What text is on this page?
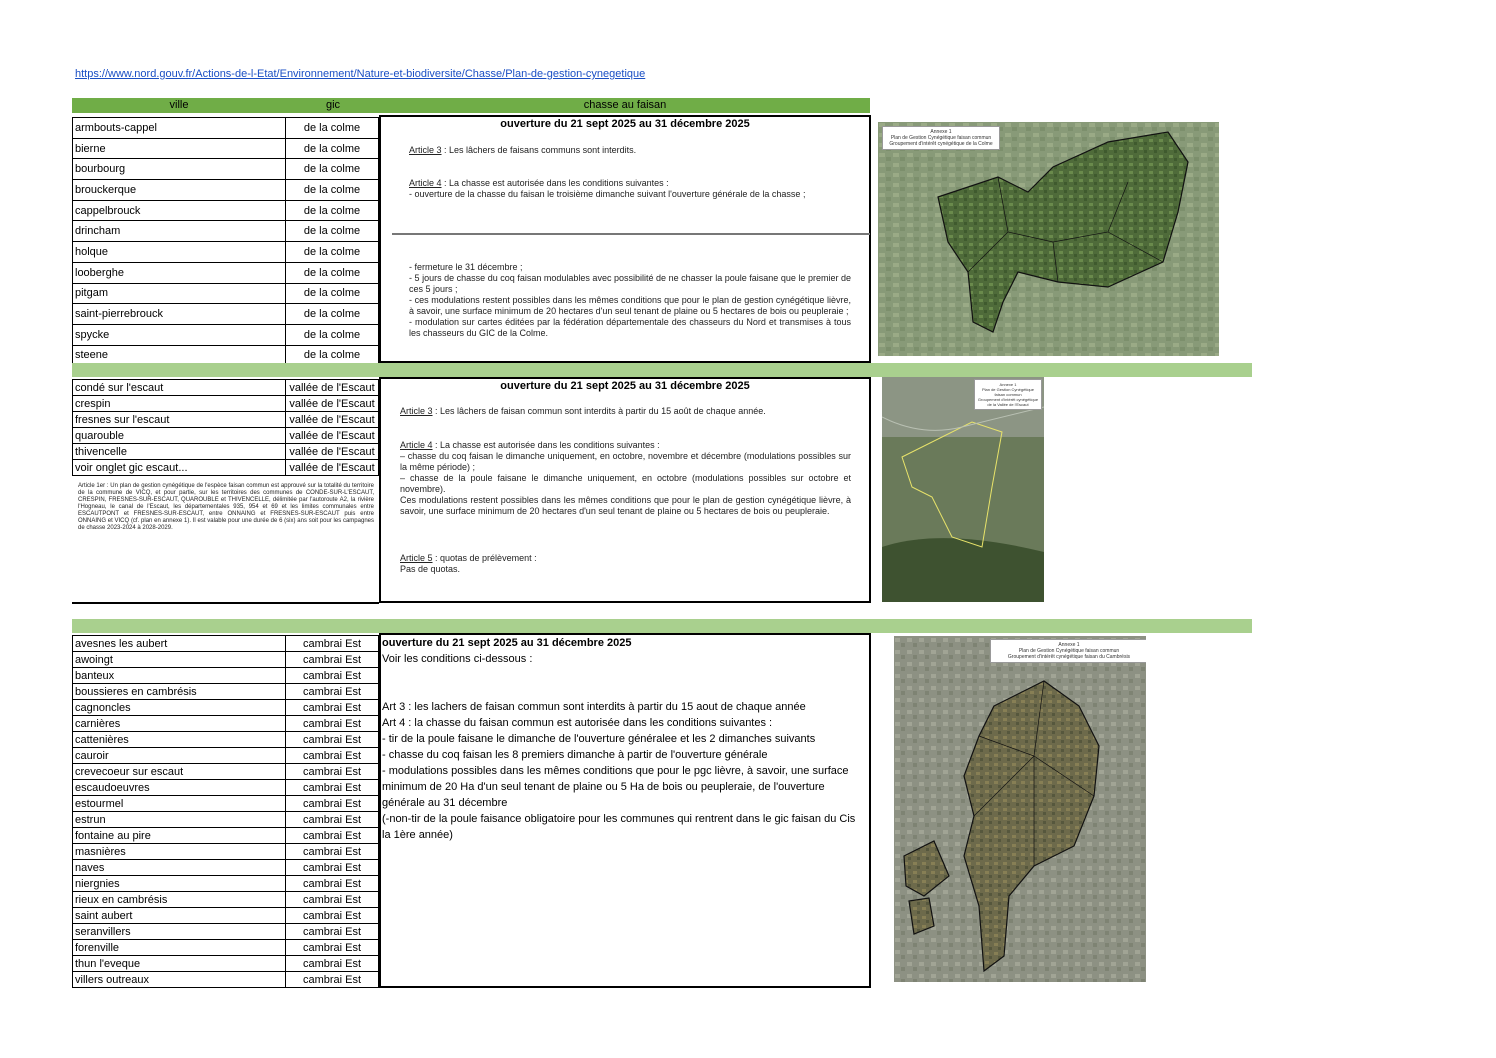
https://www.nord.gouv.fr/Actions-de-l-Etat/Environnement/Nature-et-biodiversite/Chasse/Plan-de-gestion-cynegetique
ville	gic	chasse au faisan
armbouts-cappel	de la colme
bierne	de la colme
bourbourg	de la colme
brouckerque	de la colme
cappelbrouck	de la colme
drincham	de la colme
holque	de la colme
looberghe	de la colme
pitgam	de la colme
saint-pierrebrouck	de la colme
spycke	de la colme
steene	de la colme
ouverture du 21 sept 2025 au 31 décembre 2025
Article 3 : Les lâchers de faisans communs sont interdits.
Article 4 : La chasse est autorisée dans les conditions suivantes :
- ouverture de la chasse du faisan le troisième dimanche suivant l'ouverture générale de la chasse ;
- fermeture le 31 décembre ;
- 5 jours de chasse du coq faisan modulables avec possibilité de ne chasser la poule faisane que le premier de ces 5 jours ;
- ces modulations restent possibles dans les mêmes conditions que pour le plan de gestion cynégétique lièvre, à savoir, une surface minimum de 20 hectares d'un seul tenant de plaine ou 5 hectares de bois ou peupleraie ;
- modulation sur cartes éditées par la fédération départementale des chasseurs du Nord et transmises à tous les chasseurs du GIC de la Colme.
Annexe 1
Plan de Gestion Cynégétique faisan commun
Groupement d'intérêt cynégétique de la Colme
condé sur l'escaut	vallée de l'Escaut
crespin	vallée de l'Escaut
fresnes sur l'escaut	vallée de l'Escaut
quarouble	vallée de l'Escaut
thivencelle	vallée de l'Escaut
voir onglet gic escaut...	vallée de l'Escaut
Article 1er : Un plan de gestion cynégétique de l'espèce faisan commun est approuvé sur la totalité du territoire de la commune de VICQ, et pour partie, sur les territoires des communes de CONDE-SUR-L'ESCAUT, CRESPIN, FRESNES-SUR-ESCAUT, QUAROUBLE et THIVENCELLE, délimitée par l'autoroute A2, la rivière l'Hogneau, le canal de l'Escaut, les départementales 935, 954 et 69 et les limites communales entre ESCAUTPONT et FRESNES-SUR-ESCAUT, entre ONNAING et FRESNES-SUR-ESCAUT puis entre ONNAING et VICQ (cf. plan en annexe 1). Il est valable pour une durée de 6 (six) ans soit pour les campagnes de chasse 2023-2024 à 2028-2029.
ouverture du 21 sept 2025 au 31 décembre 2025
Article 3 : Les lâchers de faisan commun sont interdits à partir du 15 août de chaque année.
Article 4 : La chasse est autorisée dans les conditions suivantes :
– chasse du coq faisan le dimanche uniquement, en octobre, novembre et décembre (modulations possibles sur la même période) ;
– chasse de la poule faisane le dimanche uniquement, en octobre (modulations possibles sur octobre et novembre).
Ces modulations restent possibles dans les mêmes conditions que pour le plan de gestion cynégétique lièvre, à savoir, une surface minimum de 20 hectares d'un seul tenant de plaine ou 5 hectares de bois ou peupleraie.
Article 5 : quotas de prélèvement :
Pas de quotas.
Annexe 1
Plan de Gestion Cynégétique faisan commun
Groupement d'intérêt cynégétique de la Vallée de l'Escaut
avesnes les aubert	cambrai Est
awoingt	cambrai Est
banteux	cambrai Est
boussieres en cambrésis	cambrai Est
cagnoncles	cambrai Est
carnières	cambrai Est
cattenières	cambrai Est
cauroir	cambrai Est
crevecoeur sur escaut	cambrai Est
escaudoeuvres	cambrai Est
estourmel	cambrai Est
estrun	cambrai Est
fontaine au pire	cambrai Est
masnières	cambrai Est
naves	cambrai Est
niergnies	cambrai Est
rieux en cambrésis	cambrai Est
saint aubert	cambrai Est
seranvillers	cambrai Est
forenville	cambrai Est
thun l'eveque	cambrai Est
villers outreaux	cambrai Est
ouverture du 21 sept 2025 au 31 décembre 2025
Voir les conditions ci-dessous :
Art 3 : les lachers de faisan commun sont interdits à partir du 15 aout de chaque année
Art 4 : la chasse du faisan commun est autorisée dans les conditions suivantes :
- tir de la poule faisane le dimanche de l'ouverture généralee et les 2 dimanches suivants
- chasse du coq faisan les 8 premiers dimanche à partir de l'ouverture générale
- modulations possibles dans les mêmes conditions que pour le pgc lièvre, à savoir, une surface
minimum de 20 Ha d'un seul tenant de plaine ou 5 Ha de bois ou peupleraie, de l'ouverture
générale au 31 décembre
(-non-tir de la poule faisance obligatoire pour les communes qui rentrent dans le gic faisan du Cis
la 1ère année)
Annexe 1
Plan de Gestion Cynégétique faisan commun
Groupement d'intérêt cynégétique faisan du Cambrésis
